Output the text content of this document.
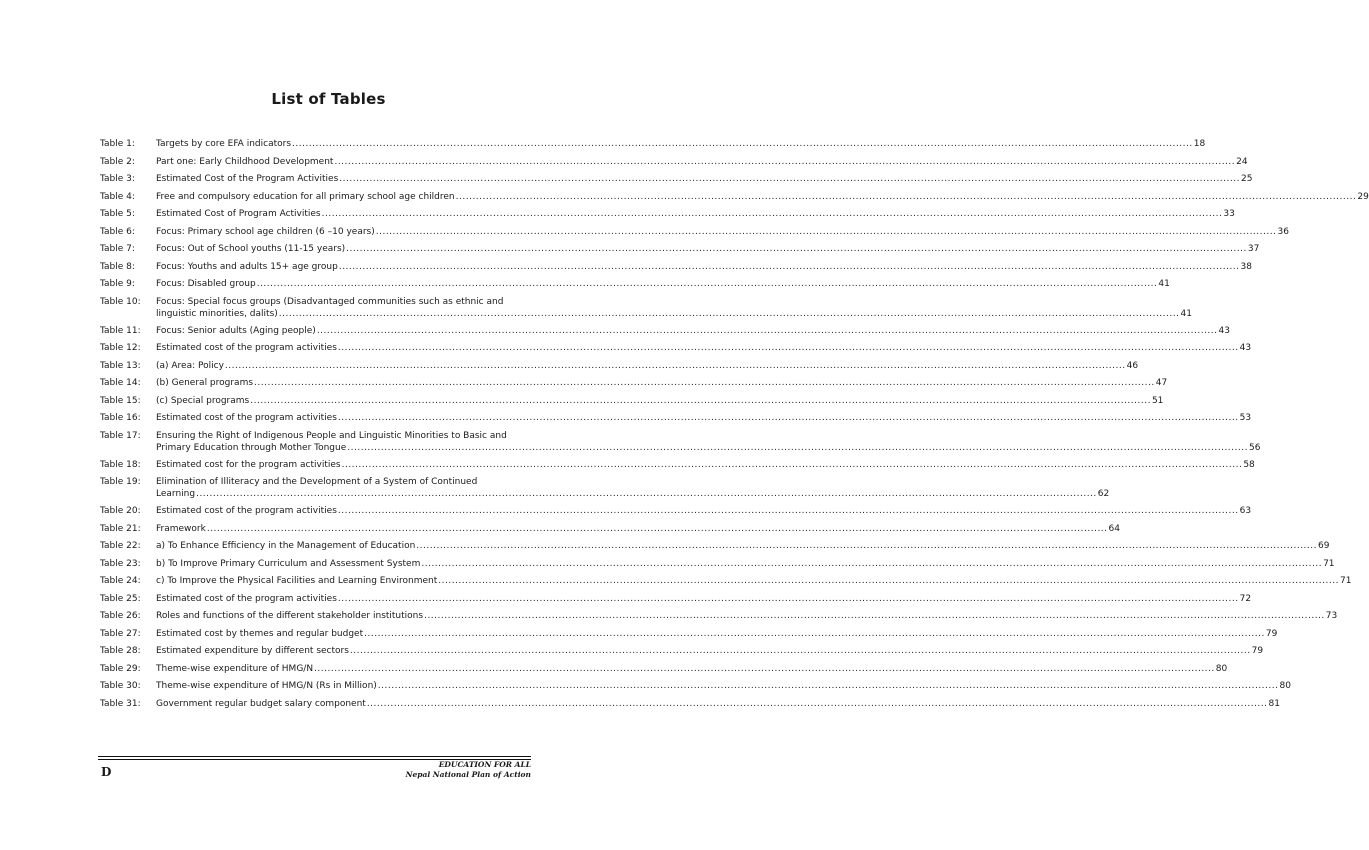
List of Tables
Table 1:	Targets by core EFA indicators .....	18
Table 2:	Part one: Early Childhood Development .....	24
Table 3:	Estimated Cost of the Program Activities .....	25
Table 4:	Free and compulsory education for all primary school age children .....	29
Table 5:	Estimated Cost of Program Activities .....	33
Table 6:	Focus: Primary school age children (6 –10 years) .....	36
Table 7:	Focus: Out of School youths (11-15 years) .....	37
Table 8:	Focus: Youths and adults 15+ age group .....	38
Table 9:	Focus: Disabled group .....	41
Table 10:	Focus: Special focus groups (Disadvantaged communities such as ethnic and
linguistic minorities, dalits) .....	41
Table 11:	Focus: Senior adults (Aging people) .....	43
Table 12:	Estimated cost of the program activities .....	43
Table 13:	(a) Area: Policy .....	46
Table 14:	(b) General programs .....	47
Table 15:	(c) Special programs .....	51
Table 16:	Estimated cost of the program activities .....	53
Table 17:	Ensuring the Right of Indigenous People and Linguistic Minorities to Basic and
Primary Education through Mother Tongue .....	56
Table 18:	Estimated cost for the program activities .....	58
Table 19:	Elimination of Illiteracy and the Development of a System of Continued
Learning .....	62
Table 20:	Estimated cost of the program activities .....	63
Table 21:	Framework .....	64
Table 22:	a) To Enhance Efficiency in the Management of Education .....	69
Table 23:	b) To Improve Primary Curriculum and Assessment System .....	71
Table 24:	c) To Improve the Physical Facilities and Learning Environment .....	71
Table 25:	Estimated cost of the program activities .....	72
Table 26:	Roles and functions of the different stakeholder institutions .....	73
Table 27:	Estimated cost by themes and regular budget .....	79
Table 28:	Estimated expenditure by different sectors .....	79
Table 29:	Theme-wise expenditure of HMG/N .....	80
Table 30:	Theme-wise expenditure of HMG/N (Rs in Million) .....	80
Table 31:	Government regular budget salary component .....	81
D
EDUCATION FOR ALL
Nepal National Plan of Action
